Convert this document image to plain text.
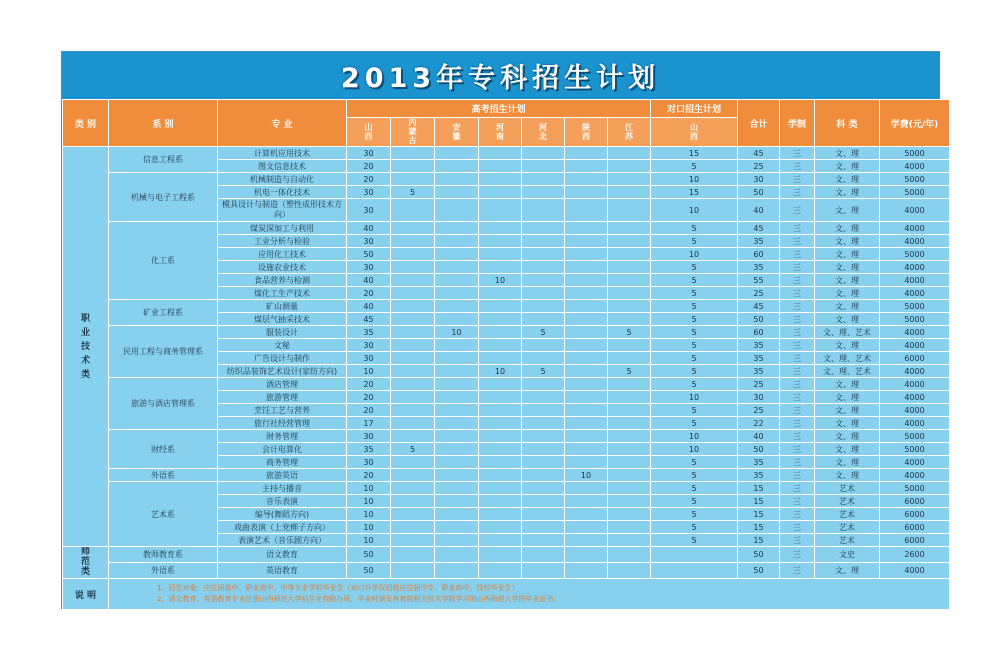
2013年专科招生计划
类 别	系 别	专 业	高考招生计划							对口招生计划	合计	学制	科 类	学费(元/年)
			山西	内蒙古	安徽	河南	河北	陕西	江苏	山西				
职业技术类	信息工程系	计算机应用技术	30							15	45	三	文、理	5000
		图文信息技术	20							5	25	三	文、理	4000
	机械与电子工程系	机械制造与自动化	20							10	30	三	文、理	5000
		机电一体化技术	30	5						15	50	三	文、理	5000

		模具设计与制造（塑性成形技术方向）	30							10	40	三	文、理	4000
	化工系	煤炭深加工与利用	40							5	45	三	文、理	4000
		工业分析与检验	30							5	35	三	文、理	4000
		应用化工技术	50							10	60	三	文、理	5000
		设施农业技术	30							5	35	三	文、理	4000
		食品营养与检测	40			10				5	55	三	文、理	4000
		煤化工生产技术	20							5	25	三	文、理	4000
	矿业工程系	矿山测量	40							5	45	三	文、理	5000
		煤层气抽采技术	45							5	50	三	文、理	5000
	民用工程与商务管理系	服装设计	35		10		5		5	5	60	三	文、理、艺术	4000
		文秘	30							5	35	三	文、理	4000
		广告设计与制作	30							5	35	三	文、理、艺术	6000
		纺织品装饰艺术设计(家纺方向)	10			10	5		5	5	35	三	文、理、艺术	4000
	旅游与酒店管理系	酒店管理	20							5	25	三	文、理	4000
		旅游管理	20							10	30	三	文、理	4000
		烹饪工艺与营养	20							5	25	三	文、理	4000
		旅行社经营管理	17							5	22	三	文、理	4000
	财经系	财务管理	30							10	40	三	文、理	5000
		会计电算化	35	5						10	50	三	文、理	5000
		商务管理	30							5	35	三	文、理	4000
	外语系	旅游英语	20					10		5	35	三	文、理	4000
	艺术系	主持与播音	10							5	15	三	艺术	5000
		音乐表演	10							5	15	三	艺术	6000
		编导(舞蹈方向)	10							5	15	三	艺术	6000
		戏曲表演（上党梆子方向）	10							5	15	三	艺术	6000
		表演艺术（音乐剧方向）	10							5	15	三	艺术	6000
师范类	教师教育系	语文教育	50								50	三	文史	2600
	外语系	英语教育	50								50	三	文、理	4000
说 明	1、招生对象：应往届高中、职业高中、中等专业学校毕业生（对口升学仅招收应往届中专、职业高中、技校毕业生）
2、语文教育、英语教育专业注册山西师范大学招生在我院办班，毕业时颁发有着院相关技术学院学习的山西师范大学的毕业证书。													
